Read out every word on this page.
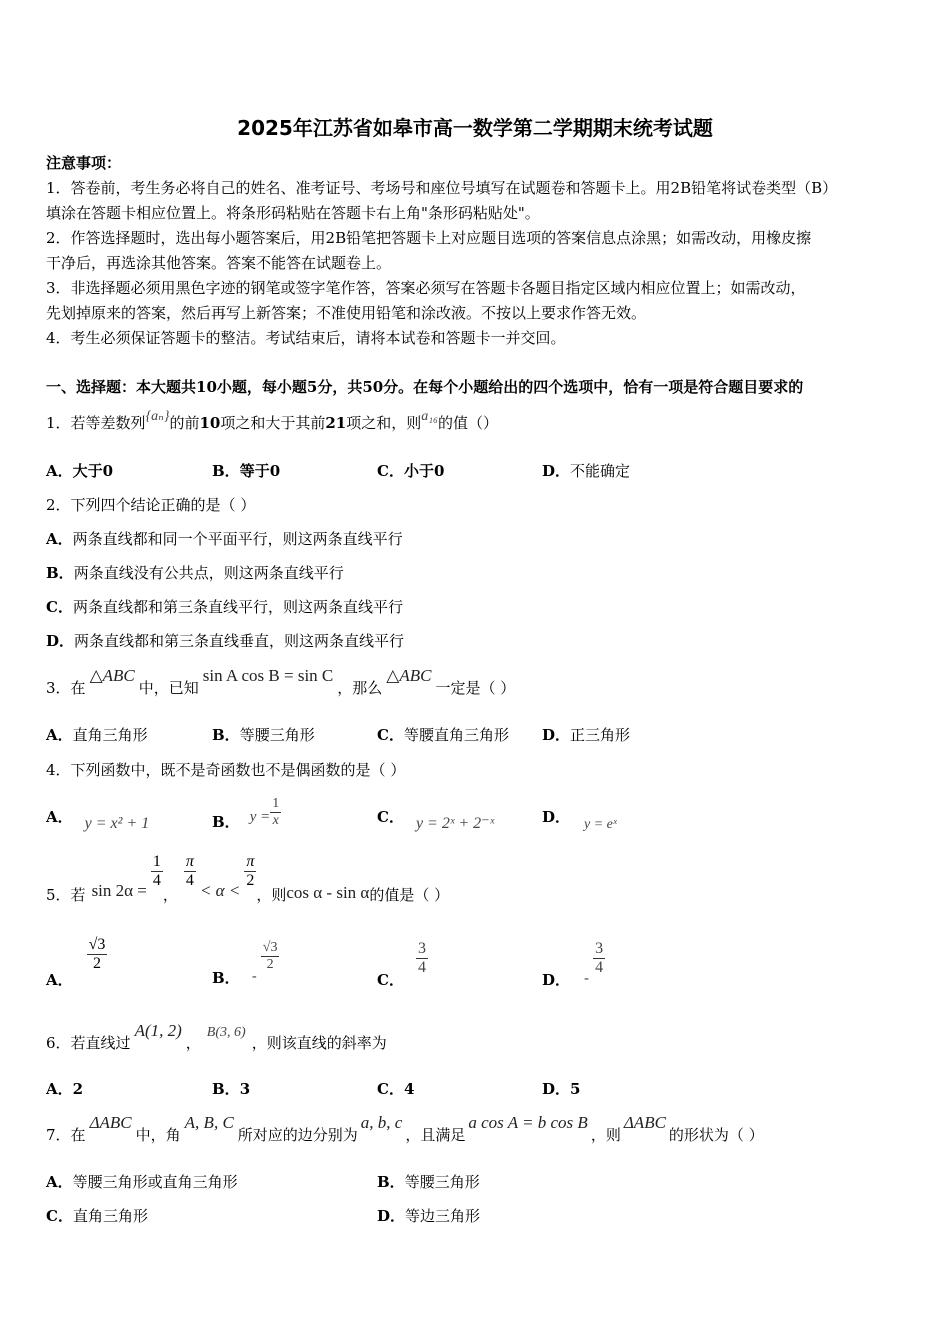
2025年江苏省如皋市高一数学第二学期期末统考试题
注意事项：
1．答卷前，考生务必将自己的姓名、准考证号、考场号和座位号填写在试题卷和答题卡上。用2B铅笔将试卷类型（B）
填涂在答题卡相应位置上。将条形码粘贴在答题卡右上角"条形码粘贴处"。
2．作答选择题时，选出每小题答案后，用2B铅笔把答题卡上对应题目选项的答案信息点涂黑；如需改动，用橡皮擦
干净后，再选涂其他答案。答案不能答在试题卷上。
3．非选择题必须用黑色字迹的钢笔或签字笔作答，答案必须写在答题卡各题目指定区域内相应位置上；如需改动，
先划掉原来的答案，然后再写上新答案；不准使用铅笔和涂改液。不按以上要求作答无效。
4．考生必须保证答题卡的整洁。考试结束后，请将本试卷和答题卡一并交回。
一、选择题：本大题共10小题，每小题5分，共50分。在每个小题给出的四个选项中，恰有一项是符合题目要求的
1．若等差数列{aₙ}的前10项之和大于其前21项之和，则a₁₆的值（）
A．大于0	B．等于0	C．小于0	D．不能确定
2．下列四个结论正确的是（ ）
A．两条直线都和同一个平面平行，则这两条直线平行
B．两条直线没有公共点，则这两条直线平行
C．两条直线都和第三条直线平行，则这两条直线平行
D．两条直线都和第三条直线垂直，则这两条直线平行
3．在△ABC中，已知sin A cos B = sin C，那么△ABC一定是（ ）
A．直角三角形	B．等腰三角形	C．等腰直角三角形 D．正三角形
4．下列函数中，既不是奇函数也不是偶函数的是（ ）
A． y = x² + 1	B． $y = \frac{1}{x}$	C． y = 2ˣ + 2⁻ˣ	D． y = eˣ
5．若 $\sin 2\alpha = \frac{1}{4}$
，
$\frac{\pi}{4} < \alpha < \frac{\pi}{2}$
，则cos α - sin α的值是（ ）
A．
$\frac{√3}{2}$
B． -
$\frac{√3}{2}$
C．
$\frac{3}{4}$
D． -
$\frac{3}{4}$
6．若直线过A(1, 2)，B(3, 6)，则该直线的斜率为
A．2	B．3	C．4	D．5
7．在ΔABC中，角A, B, C所对应的边分别为a, b, c，且满足a cos A = b cos B，则ΔABC的形状为（ ）
A．等腰三角形或直角三角形	B．等腰三角形
C．直角三角形	D．等边三角形
